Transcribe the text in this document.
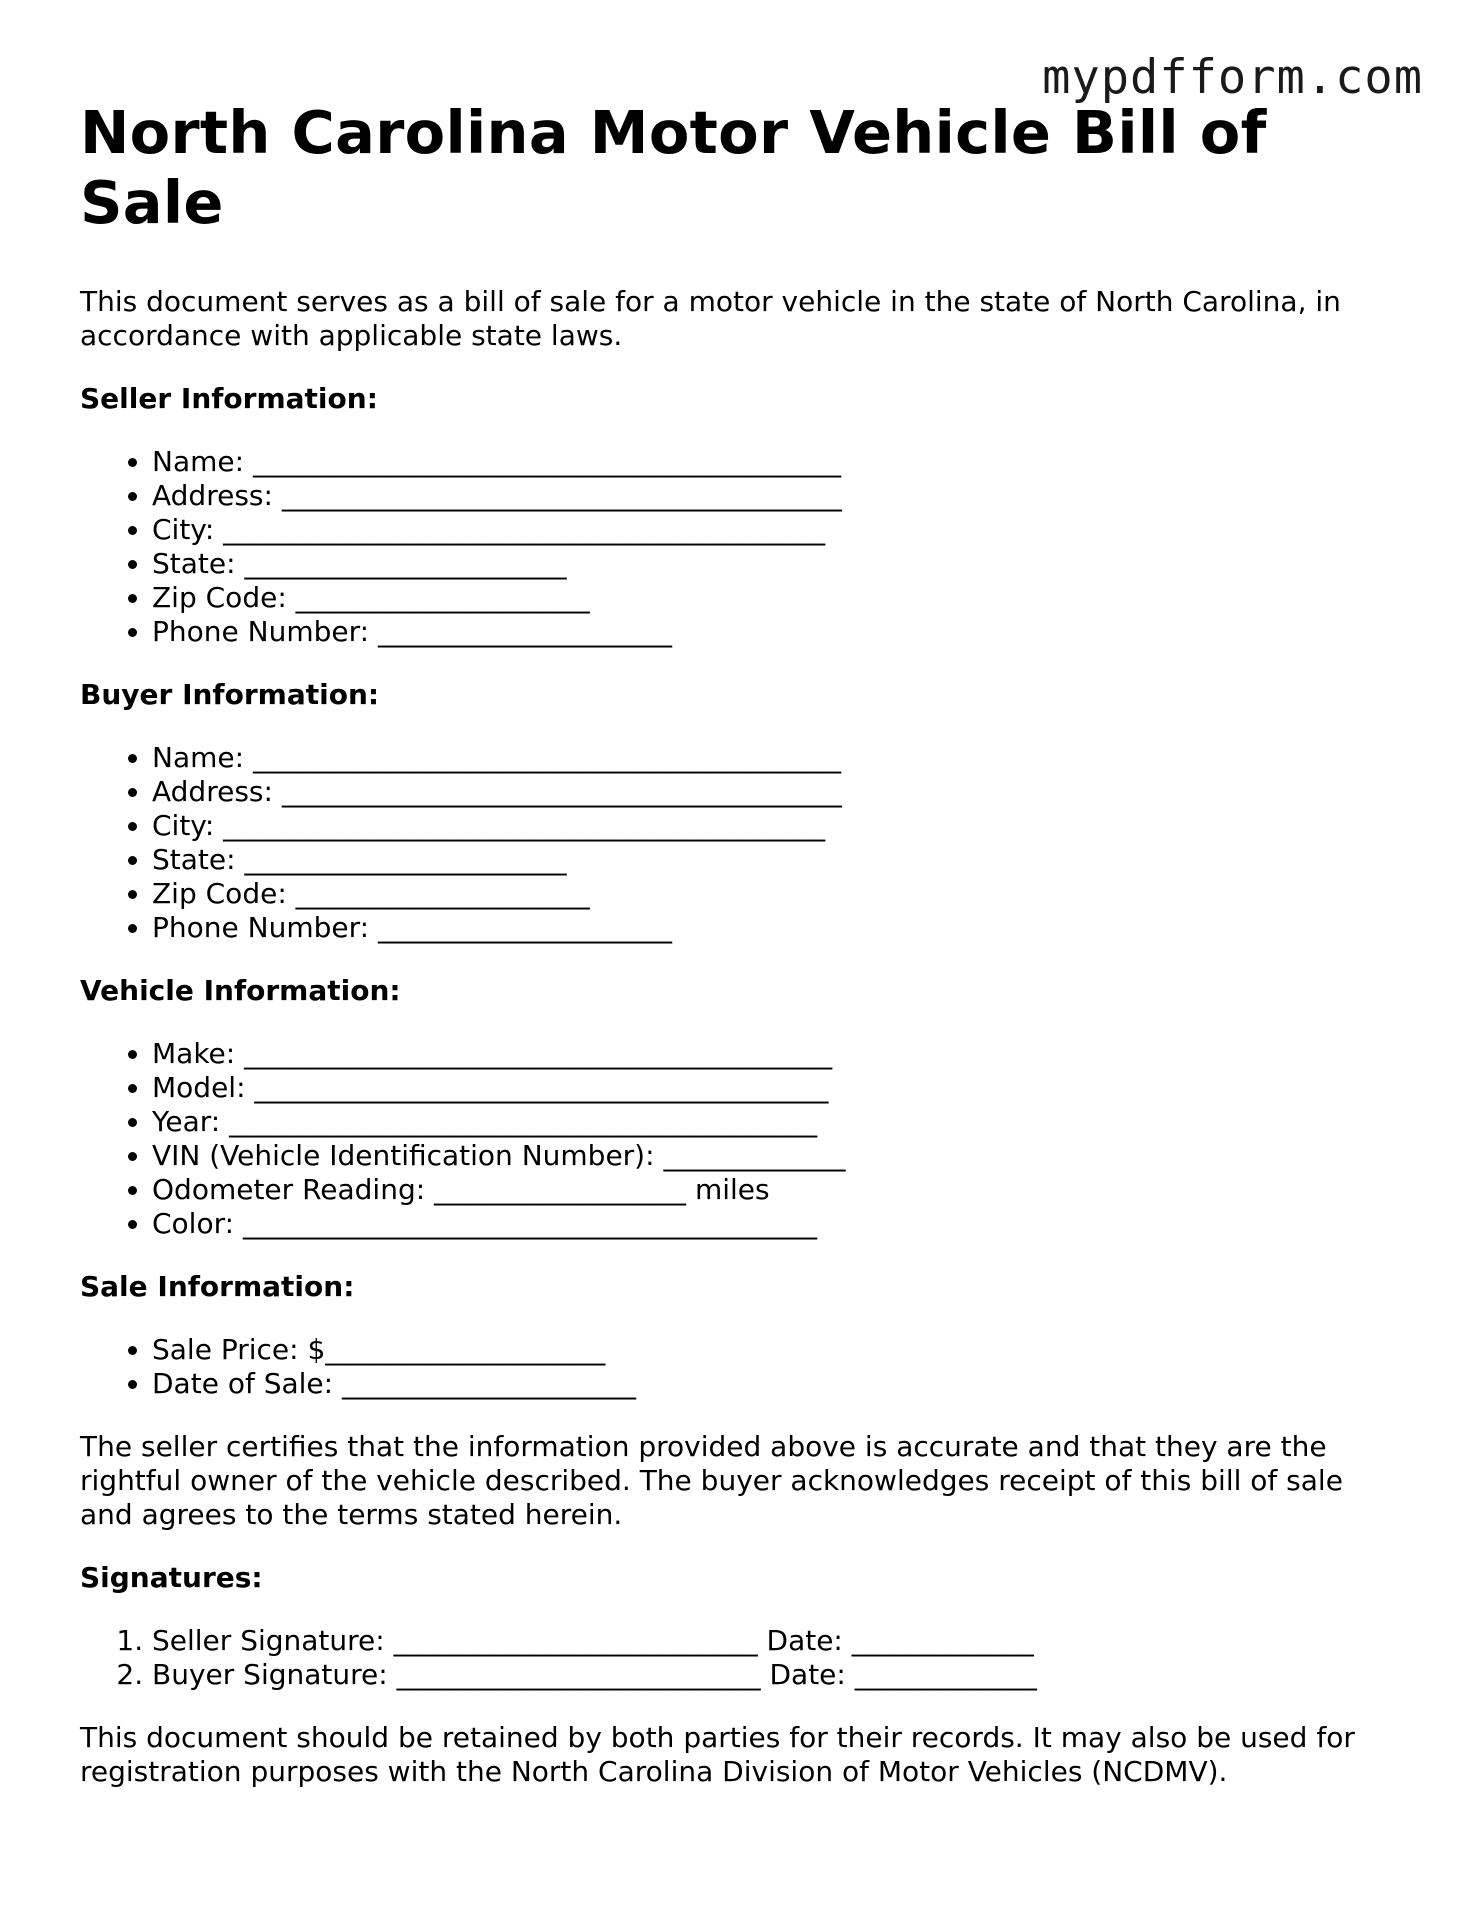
mypdfform.com
North Carolina Motor Vehicle Bill of Sale

This document serves as a bill of sale for a motor vehicle in the state of North Carolina, in accordance with applicable state laws.

Seller Information:
• Name: __________________________________________
• Address: ________________________________________
• City: ___________________________________________
• State: _______________________
• Zip Code: _____________________
• Phone Number: _____________________
Buyer Information:
• Name: __________________________________________
• Address: ________________________________________
• City: ___________________________________________
• State: _______________________
• Zip Code: _____________________
• Phone Number: _____________________
Vehicle Information:
• Make: __________________________________________
• Model: _________________________________________
• Year: __________________________________________
• VIN (Vehicle Identification Number): _____________
• Odometer Reading: __________________ miles
• Color: _________________________________________
Sale Information:
• Sale Price: $____________________
• Date of Sale: _____________________

The seller certifies that the information provided above is accurate and that they are the rightful owner of the vehicle described. The buyer acknowledges receipt of this bill of sale and agrees to the terms stated herein.

Signatures:
1. Seller Signature: __________________________ Date: _____________
2. Buyer Signature: __________________________ Date: _____________

This document should be retained by both parties for their records. It may also be used for registration purposes with the North Carolina Division of Motor Vehicles (NCDMV).
